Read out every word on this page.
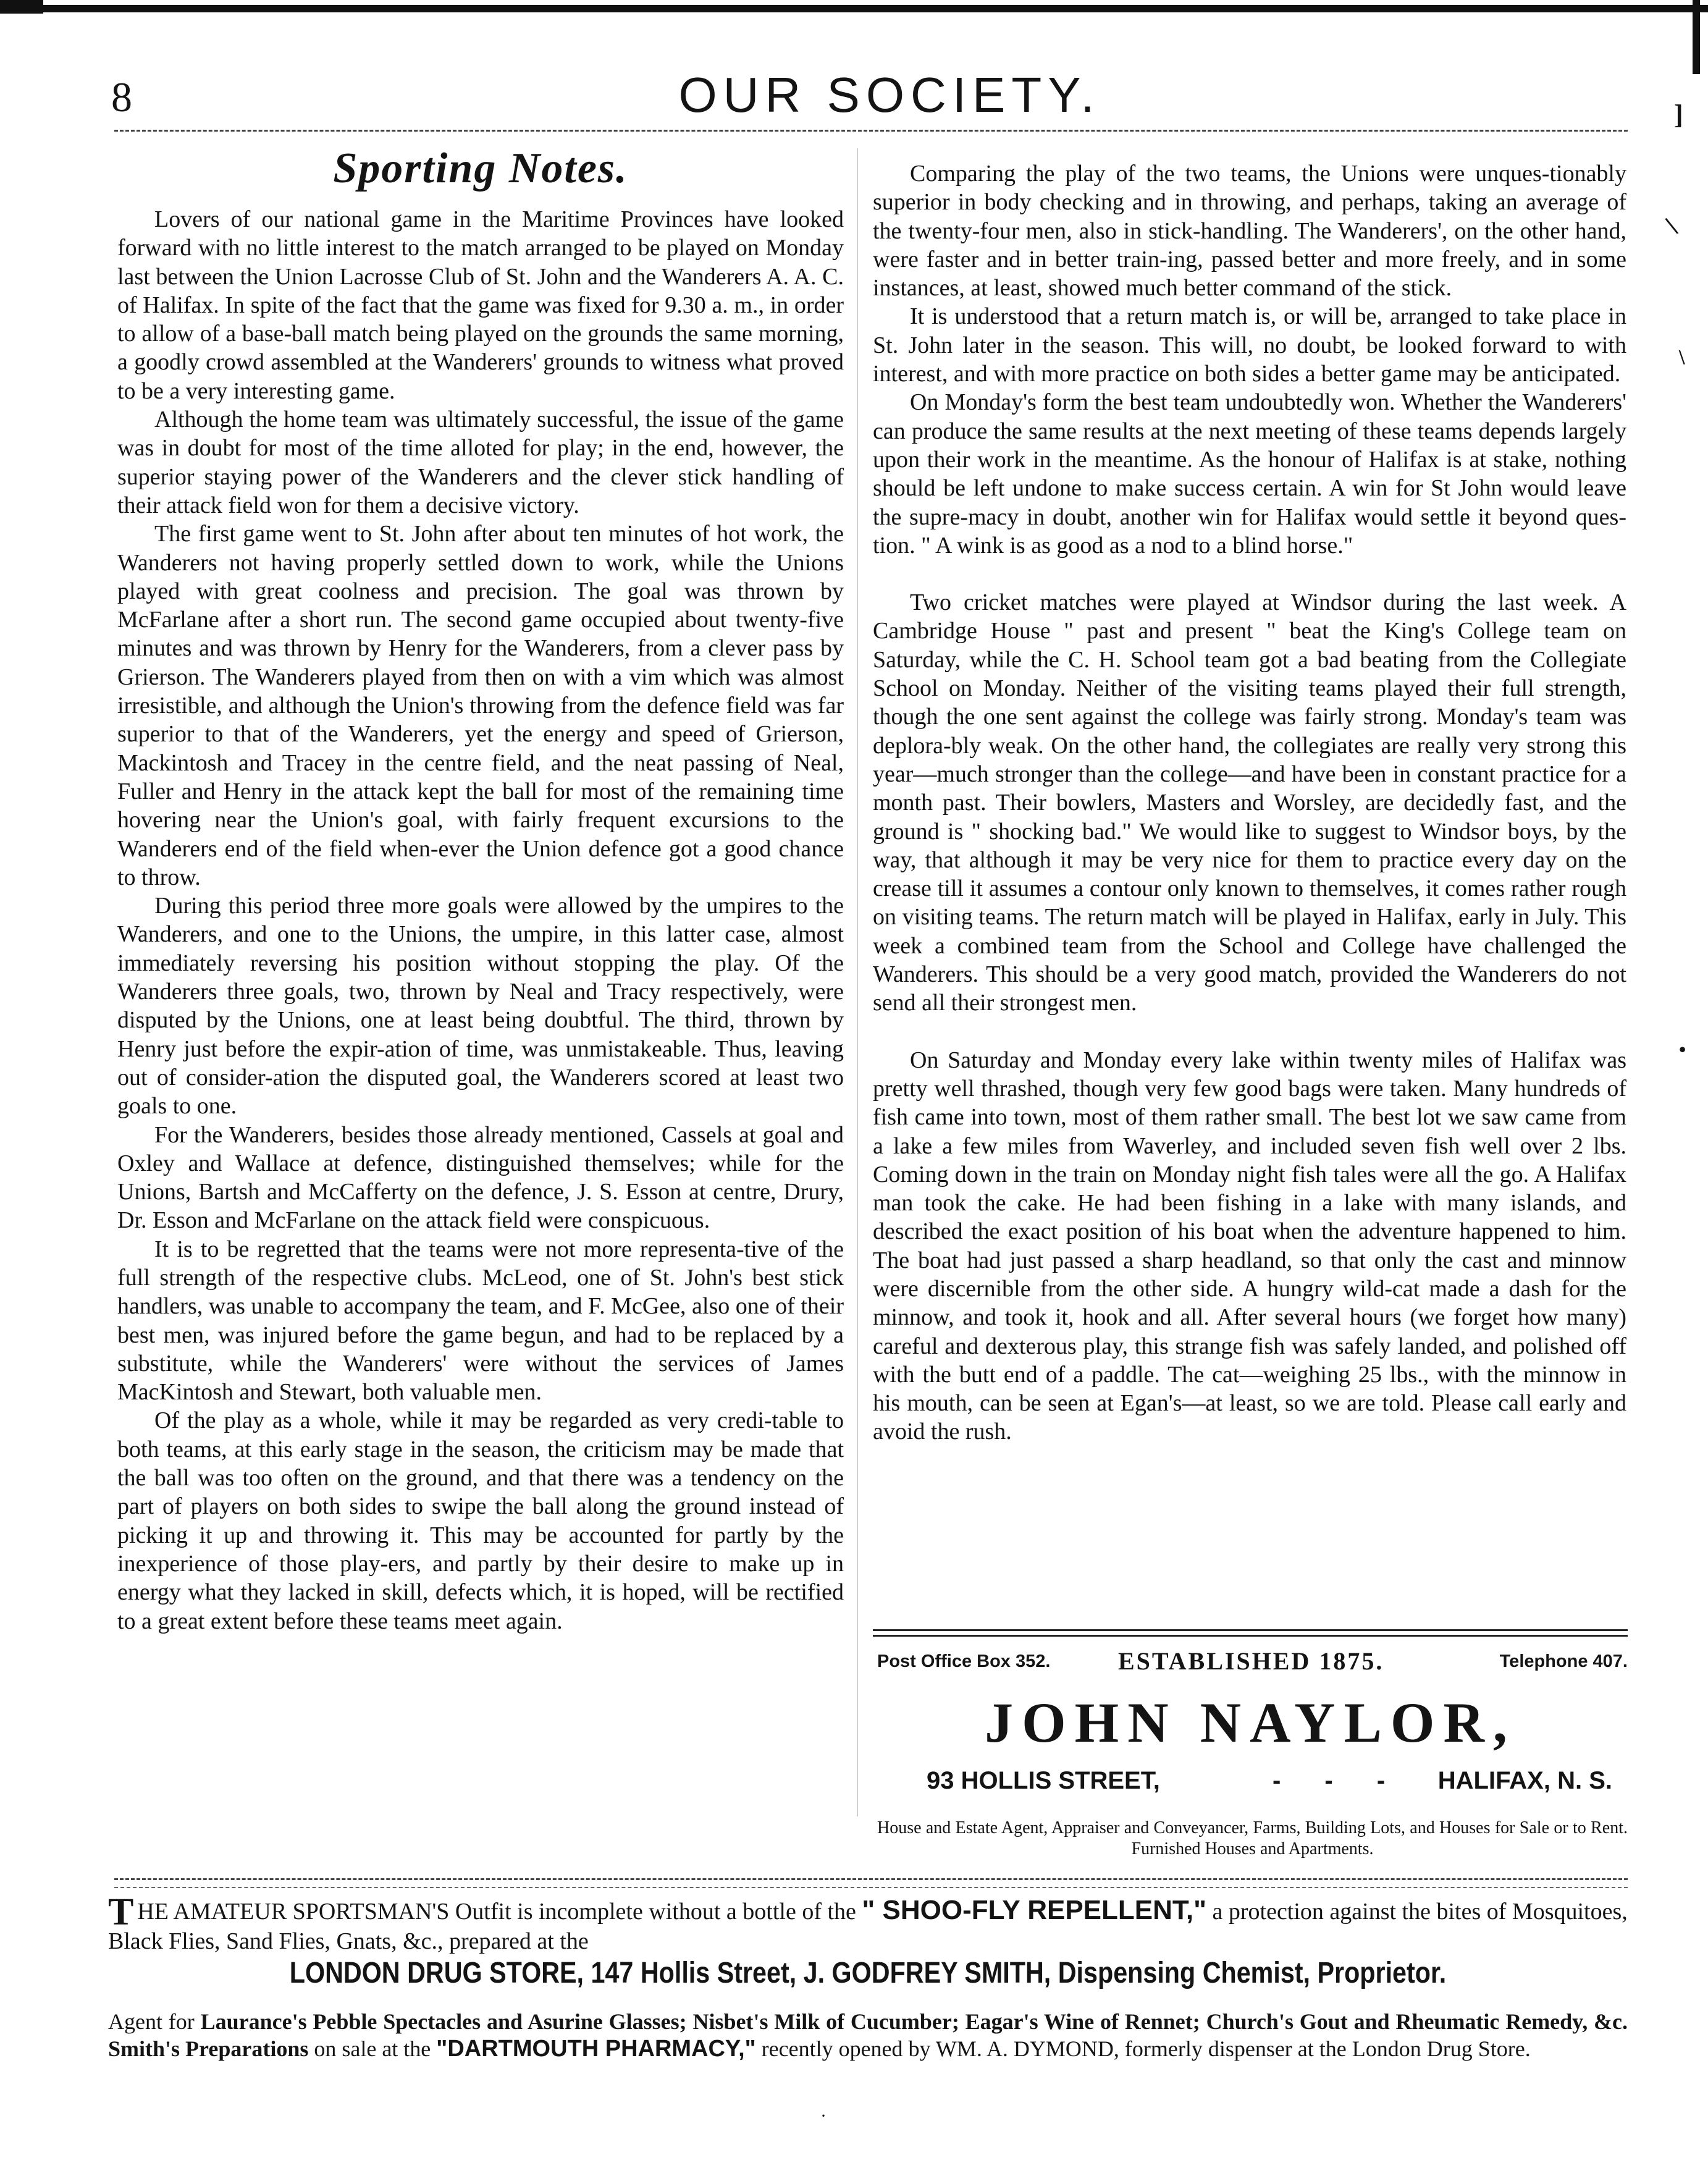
8	OUR SOCIETY.
Sporting Notes.

Lovers of our national game in the Maritime Provinces have looked forward with no little interest to the match arranged to be played on Monday last between the Union Lacrosse Club of St. John and the Wanderers A. A. C. of Halifax. In spite of the fact that the game was fixed for 9.30 a. m., in order to allow of a base-ball match being played on the grounds the same morning, a goodly crowd assembled at the Wanderers' grounds to witness what proved to be a very interesting game.

Although the home team was ultimately successful, the issue of the game was in doubt for most of the time alloted for play; in the end, however, the superior staying power of the Wanderers and the clever stick handling of their attack field won for them a decisive victory.

The first game went to St. John after about ten minutes of hot work, the Wanderers not having properly settled down to work, while the Unions played with great coolness and precision. The goal was thrown by McFarlane after a short run. The second game occupied about twenty-five minutes and was thrown by Henry for the Wanderers, from a clever pass by Grierson. The Wanderers played from then on with a vim which was almost irresistible, and although the Union's throwing from the defence field was far superior to that of the Wanderers, yet the energy and speed of Grierson, Mackintosh and Tracey in the centre field, and the neat passing of Neal, Fuller and Henry in the attack kept the ball for most of the remaining time hovering near the Union's goal, with fairly frequent excursions to the Wanderers end of the field when-ever the Union defence got a good chance to throw.

During this period three more goals were allowed by the umpires to the Wanderers, and one to the Unions, the umpire, in this latter case, almost immediately reversing his position without stopping the play. Of the Wanderers three goals, two, thrown by Neal and Tracy respectively, were disputed by the Unions, one at least being doubtful. The third, thrown by Henry just before the expir-ation of time, was unmistakeable. Thus, leaving out of consider-ation the disputed goal, the Wanderers scored at least two goals to one.

For the Wanderers, besides those already mentioned, Cassels at goal and Oxley and Wallace at defence, distinguished themselves; while for the Unions, Bartsh and McCafferty on the defence, J. S. Esson at centre, Drury, Dr. Esson and McFarlane on the attack field were conspicuous.

It is to be regretted that the teams were not more representa-tive of the full strength of the respective clubs. McLeod, one of St. John's best stick handlers, was unable to accompany the team, and F. McGee, also one of their best men, was injured before the game begun, and had to be replaced by a substitute, while the Wanderers' were without the services of James MacKintosh and Stewart, both valuable men.

Of the play as a whole, while it may be regarded as very credi-table to both teams, at this early stage in the season, the criticism may be made that the ball was too often on the ground, and that there was a tendency on the part of players on both sides to swipe the ball along the ground instead of picking it up and throwing it. This may be accounted for partly by the inexperience of those play-ers, and partly by their desire to make up in energy what they lacked in skill, defects which, it is hoped, will be rectified to a great extent before these teams meet again.

Comparing the play of the two teams, the Unions were unques-tionably superior in body checking and in throwing, and perhaps, taking an average of the twenty-four men, also in stick-handling. The Wanderers', on the other hand, were faster and in better train-ing, passed better and more freely, and in some instances, at least, showed much better command of the stick.

It is understood that a return match is, or will be, arranged to take place in St. John later in the season. This will, no doubt, be looked forward to with interest, and with more practice on both sides a better game may be anticipated.

On Monday's form the best team undoubtedly won. Whether the Wanderers' can produce the same results at the next meeting of these teams depends largely upon their work in the meantime. As the honour of Halifax is at stake, nothing should be left undone to make success certain. A win for St John would leave the supre-macy in doubt, another win for Halifax would settle it beyond ques-tion. " A wink is as good as a nod to a blind horse."

Two cricket matches were played at Windsor during the last week. A Cambridge House " past and present " beat the King's College team on Saturday, while the C. H. School team got a bad beating from the Collegiate School on Monday. Neither of the visiting teams played their full strength, though the one sent against the college was fairly strong. Monday's team was deplora-bly weak. On the other hand, the collegiates are really very strong this year—much stronger than the college—and have been in constant practice for a month past. Their bowlers, Masters and Worsley, are decidedly fast, and the ground is " shocking bad." We would like to suggest to Windsor boys, by the way, that although it may be very nice for them to practice every day on the crease till it assumes a contour only known to themselves, it comes rather rough on visiting teams. The return match will be played in Halifax, early in July. This week a combined team from the School and College have challenged the Wanderers. This should be a very good match, provided the Wanderers do not send all their strongest men.

On Saturday and Monday every lake within twenty miles of Halifax was pretty well thrashed, though very few good bags were taken. Many hundreds of fish came into town, most of them rather small. The best lot we saw came from a lake a few miles from Waverley, and included seven fish well over 2 lbs. Coming down in the train on Monday night fish tales were all the go. A Halifax man took the cake. He had been fishing in a lake with many islands, and described the exact position of his boat when the adventure happened to him. The boat had just passed a sharp headland, so that only the cast and minnow were discernible from the other side. A hungry wild-cat made a dash for the minnow, and took it, hook and all. After several hours (we forget how many) careful and dexterous play, this strange fish was safely landed, and polished off with the butt end of a paddle. The cat—weighing 25 lbs., with the minnow in his mouth, can be seen at Egan's—at least, so we are told. Please call early and avoid the rush.

Post Office Box 352.	ESTABLISHED 1875.	Telephone 407.
JOHN NAYLOR,
93 HOLLIS STREET,	- - - HALIFAX, N. S.
House and Estate Agent, Appraiser and Conveyancer, Farms, Building Lots, and Houses for Sale or to Rent. Furnished Houses and Apartments.
THE AMATEUR SPORTSMAN'S Outfit is incomplete without a bottle of the " SHOO-FLY REPELLENT," a protection against the bites of Mosquitoes, Black Flies, Sand Flies, Gnats, &c., prepared at the
LONDON DRUG STORE, 147 Hollis Street, J. GODFREY SMITH, Dispensing Chemist, Proprietor.
Agent for Laurance's Pebble Spectacles and Asurine Glasses; Nisbet's Milk of Cucumber; Eagar's Wine of Rennet; Church's Gout and Rheumatic Remedy, &c. Smith's Preparations on sale at the "DARTMOUTH PHARMACY," recently opened by WM. A. DYMOND, formerly dispenser at the London Drug Store.
·
]
\
\
•
